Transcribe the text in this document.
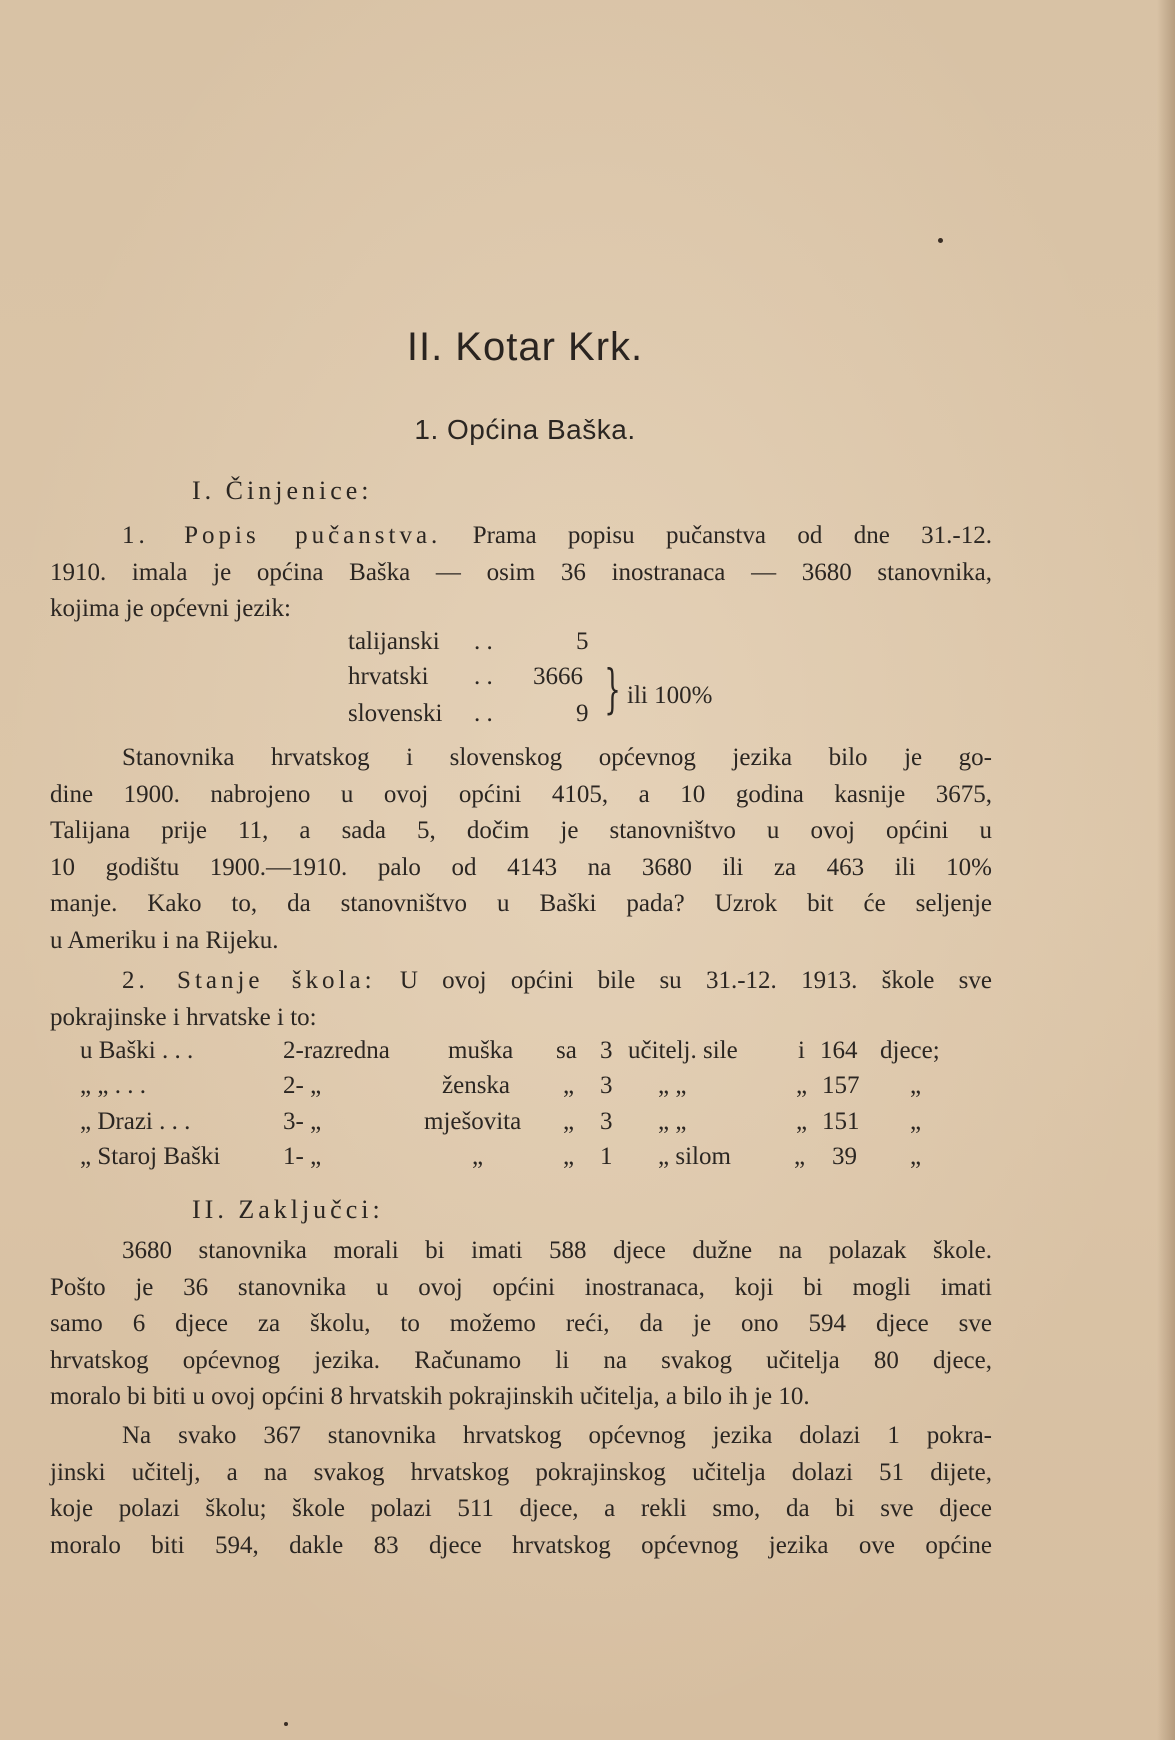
II. Kotar Krk.
1. Općina Baška.
I. Činjenice:
1. Popis pučanstva. Prama popisu pučanstva od dne 31.-12.
1910. imala je općina Baška — osim 36 inostranaca — 3680 stanovnika,
kojima je općevni jezik:
talijanski . .	5
hrvatski . . 3666
slovenski . .	9 } ili 100%
Stanovnika hrvatskog i slovenskog općevnog jezika bilo je go-
dine 1900. nabrojeno u ovoj općini 4105, a 10 godina kasnije 3675,
Talijana prije 11, a sada 5, dočim je stanovništvo u ovoj općini u
10 godištu 1900.—1910. palo od 4143 na 3680 ili za 463 ili 10%
manje. Kako to, da stanovništvo u Baški pada? Uzrok bit će seljenje
u Ameriku i na Rijeku.
2. Stanje škola: U ovoj općini bile su 31.-12. 1913. škole sve
pokrajinske i hrvatske i to:
u Baški . . .	2-razredna muška sa 3 učitelj. sile i 164 djece;
„ „ . . .	2- „	ženska „ 3 „ „	„ 157 „
„ Drazi . . .	3- „	mješovita „ 3 „ „	„ 151 „
„ Staroj Baški	1- „	„	„ 1 „ silom	„ 39 „
II. Zaključci:
3680 stanovnika morali bi imati 588 djece dužne na polazak škole.
Pošto je 36 stanovnika u ovoj općini inostranaca, koji bi mogli imati
samo 6 djece za školu, to možemo reći, da je ono 594 djece sve
hrvatskog općevnog jezika. Računamo li na svakog učitelja 80 djece,
moralo bi biti u ovoj općini 8 hrvatskih pokrajinskih učitelja, a bilo ih je 10.
Na svako 367 stanovnika hrvatskog općevnog jezika dolazi 1 pokra-
jinski učitelj, a na svakog hrvatskog pokrajinskog učitelja dolazi 51 dijete,
koje polazi školu; škole polazi 511 djece, a rekli smo, da bi sve djece
moralo biti 594, dakle 83 djece hrvatskog općevnog jezika ove općine
